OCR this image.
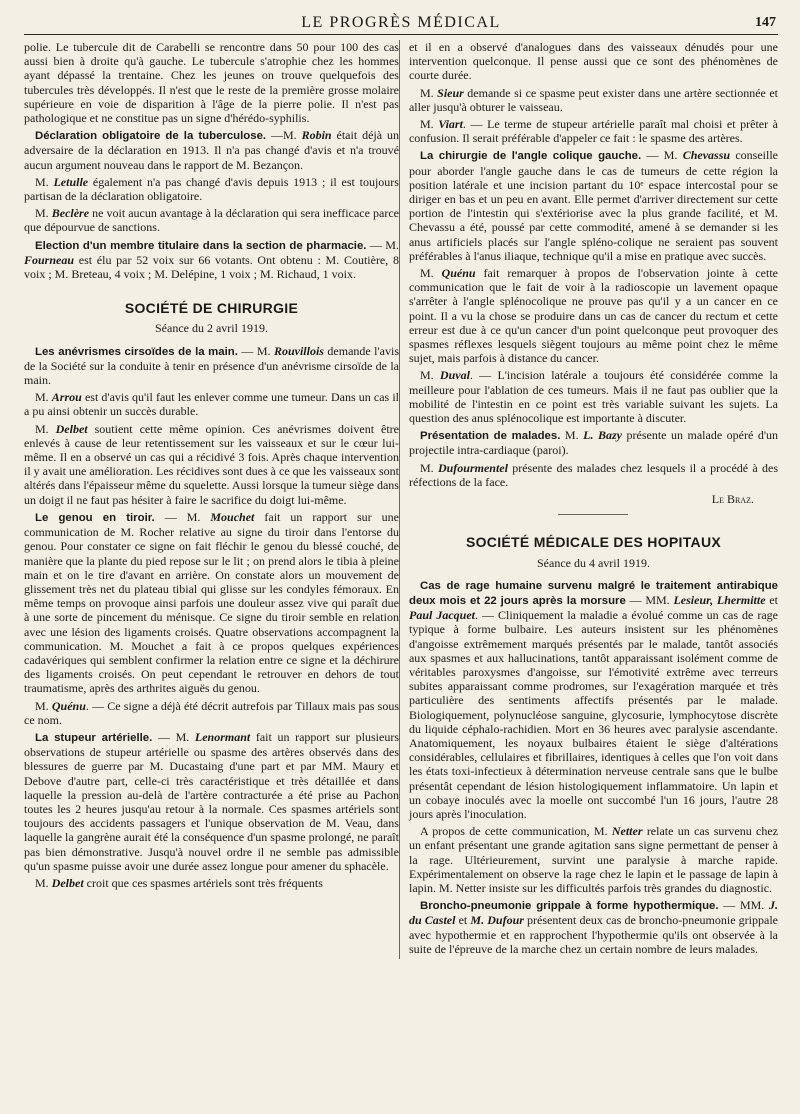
LE PROGRÈS MÉDICAL	147

polie. Le tubercule dit de Carabelli se rencontre dans 50 pour 100 des cas aussi bien à droite qu'à gauche. Le tubercule s'atrophie chez les hommes ayant dépassé la trentaine. Chez les jeunes on trouve quelquefois des tubercules très développés. Il n'est que le reste de la première grosse molaire supérieure en voie de disparition à l'âge de la pierre polie. Il n'est pas pathologique et ne constitue pas un signe d'hérédo-syphilis.

Déclaration obligatoire de la tuberculose. —M. Robin était déjà un adversaire de la déclaration en 1913. Il n'a pas changé d'avis et n'a trouvé aucun argument nouveau dans le rapport de M. Bezançon.

M. Letulle également n'a pas changé d'avis depuis 1913 ; il est toujours partisan de la déclaration obligatoire.

M. Beclère ne voit aucun avantage à la déclaration qui sera inefficace parce que dépourvue de sanctions.

Election d'un membre titulaire dans la section de pharmacie. — M. Fourneau est élu par 52 voix sur 66 votants. Ont obtenu : M. Coutière, 8 voix ; M. Breteau, 4 voix ; M. Delépine, 1 voix ; M. Richaud, 1 voix.

SOCIÉTÉ DE CHIRURGIE
Séance du 2 avril 1919.

Les anévrismes cirsoïdes de la main. — M. Rouvillois demande l'avis de la Société sur la conduite à tenir en présence d'un anévrisme cirsoïde de la main.

M. Arrou est d'avis qu'il faut les enlever comme une tumeur. Dans un cas il a pu ainsi obtenir un succès durable.

M. Delbet soutient cette même opinion. Ces anévrismes doivent être enlevés à cause de leur retentissement sur les vaisseaux et sur le cœur lui-même. Il en a observé un cas qui a récidivé 3 fois. Après chaque intervention il y avait une amélioration. Les récidives sont dues à ce que les vaisseaux sont altérés dans l'épaisseur même du squelette. Aussi lorsque la tumeur siège dans un doigt il ne faut pas hésiter à faire le sacrifice du doigt lui-même.

Le genou en tiroir. — M. Mouchet fait un rapport sur une communication de M. Rocher relative au signe du tiroir dans l'entorse du genou. Pour constater ce signe on fait fléchir le genou du blessé couché, de manière que la plante du pied repose sur le lit ; on prend alors le tibia à pleine main et on le tire d'avant en arrière. On constate alors un mouvement de glissement très net du plateau tibial qui glisse sur les condyles fémoraux. En même temps on provoque ainsi parfois une douleur assez vive qui paraît due à une sorte de pincement du ménisque. Ce signe du tiroir semble en relation avec une lésion des ligaments croisés. Quatre observations accompagnent la communication. M. Mouchet a fait à ce propos quelques expériences cadavériques qui semblent confirmer la relation entre ce signe et la déchirure des ligaments croisés. On peut cependant le retrouver en dehors de tout traumatisme, après des arthrites aiguës du genou.

M. Quénu. — Ce signe a déjà été décrit autrefois par Tillaux mais pas sous ce nom.

La stupeur artérielle. — M. Lenormant fait un rapport sur plusieurs observations de stupeur artérielle ou spasme des artères observés dans des blessures de guerre par M. Ducastaing d'une part et par MM. Maury et Debove d'autre part, celle-ci très caractéristique et très détaillée et dans laquelle la pression au-delà de l'artère contracturée a été prise au Pachon toutes les 2 heures jusqu'au retour à la normale. Ces spasmes artériels sont toujours des accidents passagers et l'unique observation de M. Veau, dans laquelle la gangrène aurait été la conséquence d'un spasme prolongé, ne paraît pas bien démonstrative. Jusqu'à nouvel ordre il ne semble pas admissible qu'un spasme puisse avoir une durée assez longue pour amener du sphacèle.

M. Delbet croit que ces spasmes artériels sont très fréquents

et il en a observé d'analogues dans des vaisseaux dénudés pour une intervention quelconque. Il pense aussi que ce sont des phénomènes de courte durée.

M. Sieur demande si ce spasme peut exister dans une artère sectionnée et aller jusqu'à obturer le vaisseau.

M. Viart. — Le terme de stupeur artérielle paraît mal choisi et prêter à confusion. Il serait préférable d'appeler ce fait : le spasme des artères.

La chirurgie de l'angle colique gauche. — M. Chevassu conseille pour aborder l'angle gauche dans le cas de tumeurs de cette région la position latérale et une incision partant du 10ᵉ espace intercostal pour se diriger en bas et un peu en avant. Elle permet d'arriver directement sur cette portion de l'intestin qui s'extériorise avec la plus grande facilité, et M. Chevassu a été, poussé par cette commodité, amené à se demander si les anus artificiels placés sur l'angle spléno-colique ne seraient pas souvent préférables à l'anus iliaque, technique qu'il a mise en pratique avec succès.

M. Quénu fait remarquer à propos de l'observation jointe à cette communication que le fait de voir à la radioscopie un lavement opaque s'arrêter à l'angle splénocolique ne prouve pas qu'il y a un cancer en ce point. Il a vu la chose se produire dans un cas de cancer du rectum et cette erreur est due à ce qu'un cancer d'un point quelconque peut provoquer des spasmes réflexes lesquels siègent toujours au même point chez le même sujet, mais parfois à distance du cancer.

M. Duval. — L'incision latérale a toujours été considérée comme la meilleure pour l'ablation de ces tumeurs. Mais il ne faut pas oublier que la mobilité de l'intestin en ce point est très variable suivant les sujets. La question des anus splénocolique est importante à discuter.

Présentation de malades. M. L. Bazy présente un malade opéré d'un projectile intra-cardiaque (paroi).

M. Dufourmentel présente des malades chez lesquels il a procédé à des réfections de la face.

Le Braz.
SOCIÉTÉ MÉDICALE DES HOPITAUX
Séance du 4 avril 1919.

Cas de rage humaine survenu malgré le traitement antirabique deux mois et 22 jours après la morsure — MM. Lesieur, Lhermitte et Paul Jacquet. — Cliniquement la maladie a évolué comme un cas de rage typique à forme bulbaire. Les auteurs insistent sur les phénomènes d'angoisse extrêmement marqués présentés par le malade, tantôt associés aux spasmes et aux hallucinations, tantôt apparaissant isolément comme de véritables paroxysmes d'angoisse, sur l'émotivité extrême avec terreurs subites apparaissant comme prodromes, sur l'exagération marquée et très particulière des sentiments affectifs présentés par le malade. Biologiquement, polynucléose sanguine, glycosurie, lymphocytose discrète du liquide céphalo-rachidien. Mort en 36 heures avec paralysie ascendante. Anatomiquement, les noyaux bulbaires étaient le siège d'altérations considérables, cellulaires et fibrillaires, identiques à celles que l'on voit dans les états toxi-infectieux à détermination nerveuse centrale sans que le bulbe présentât cependant de lésion histologiquement inflammatoire. Un lapin et un cobaye inoculés avec la moelle ont succombé l'un 16 jours, l'autre 28 jours après l'inoculation.

A propos de cette communication, M. Netter relate un cas survenu chez un enfant présentant une grande agitation sans signe permettant de penser à la rage. Ultérieurement, survint une paralysie à marche rapide. Expérimentalement on observe la rage chez le lapin et le passage de lapin à lapin. M. Netter insiste sur les difficultés parfois très grandes du diagnostic.

Broncho-pneumonie grippale à forme hypothermique. — MM. J. du Castel et M. Dufour présentent deux cas de broncho-pneumonie grippale avec hypothermie et en rapprochent l'hypothermie qu'ils ont observée à la suite de l'épreuve de la marche chez un certain nombre de leurs malades.
